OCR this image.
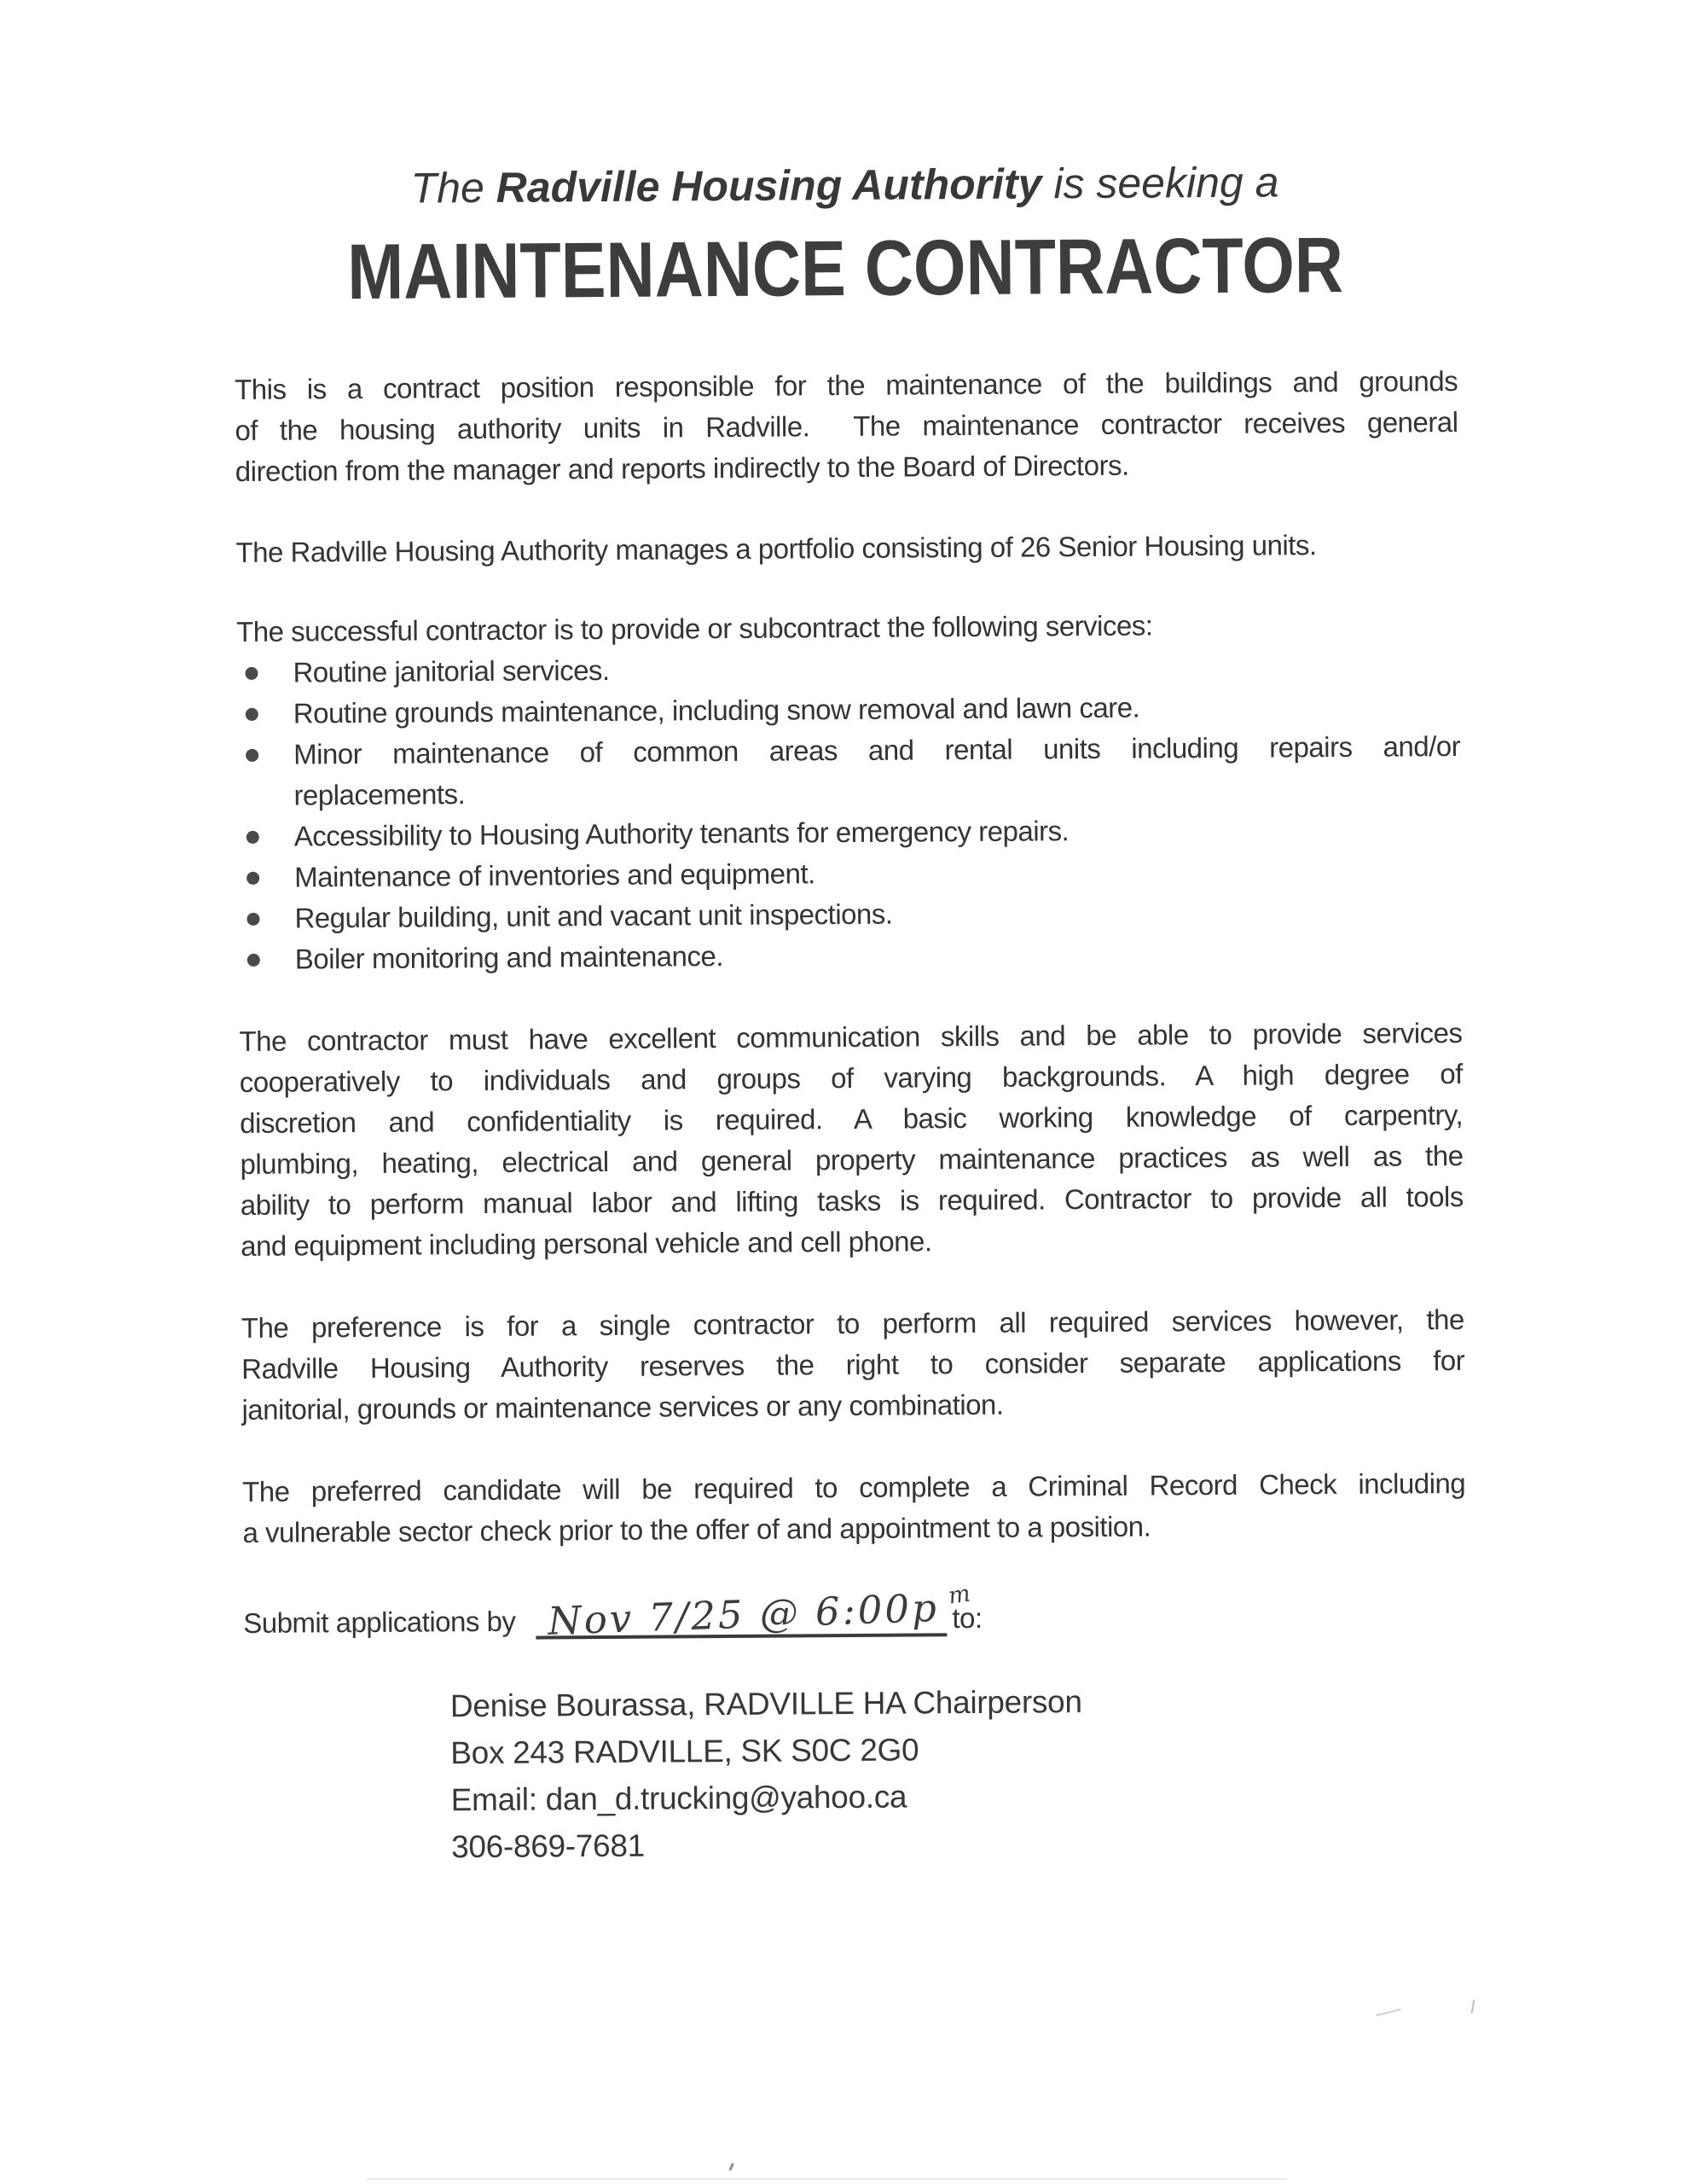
The Radville Housing Authority is seeking a
MAINTENANCE CONTRACTOR
This is a contract position responsible for the maintenance of the buildings and grounds
of the housing authority units in Radville.  The maintenance contractor receives general
direction from the manager and reports indirectly to the Board of Directors.
The Radville Housing Authority manages a portfolio consisting of 26 Senior Housing units.
The successful contractor is to provide or subcontract the following services:
Routine janitorial services.
Routine grounds maintenance, including snow removal and lawn care.
Minor maintenance of common areas and rental units including repairs and/or
replacements.
Accessibility to Housing Authority tenants for emergency repairs.
Maintenance of inventories and equipment.
Regular building, unit and vacant unit inspections.
Boiler monitoring and maintenance.
The contractor must have excellent communication skills and be able to provide services
cooperatively to individuals and groups of varying backgrounds. A high degree of
discretion and confidentiality is required. A basic working knowledge of carpentry,
plumbing, heating, electrical and general property maintenance practices as well as the
ability to perform manual labor and lifting tasks is required. Contractor to provide all tools
and equipment including personal vehicle and cell phone.
The preference is for a single contractor to perform all required services however, the
Radville Housing Authority reserves the right to consider separate applications for
janitorial, grounds or maintenance services or any combination.
The preferred candidate will be required to complete a Criminal Record Check including
a vulnerable sector check prior to the offer of and appointment to a position.
Submit applications by Nov 7/25 @ 6:00p m
to:
Denise Bourassa, RADVILLE HA Chairperson
Box 243 RADVILLE, SK S0C 2G0
Email: dan_d.trucking@yahoo.ca
306-869-7681
